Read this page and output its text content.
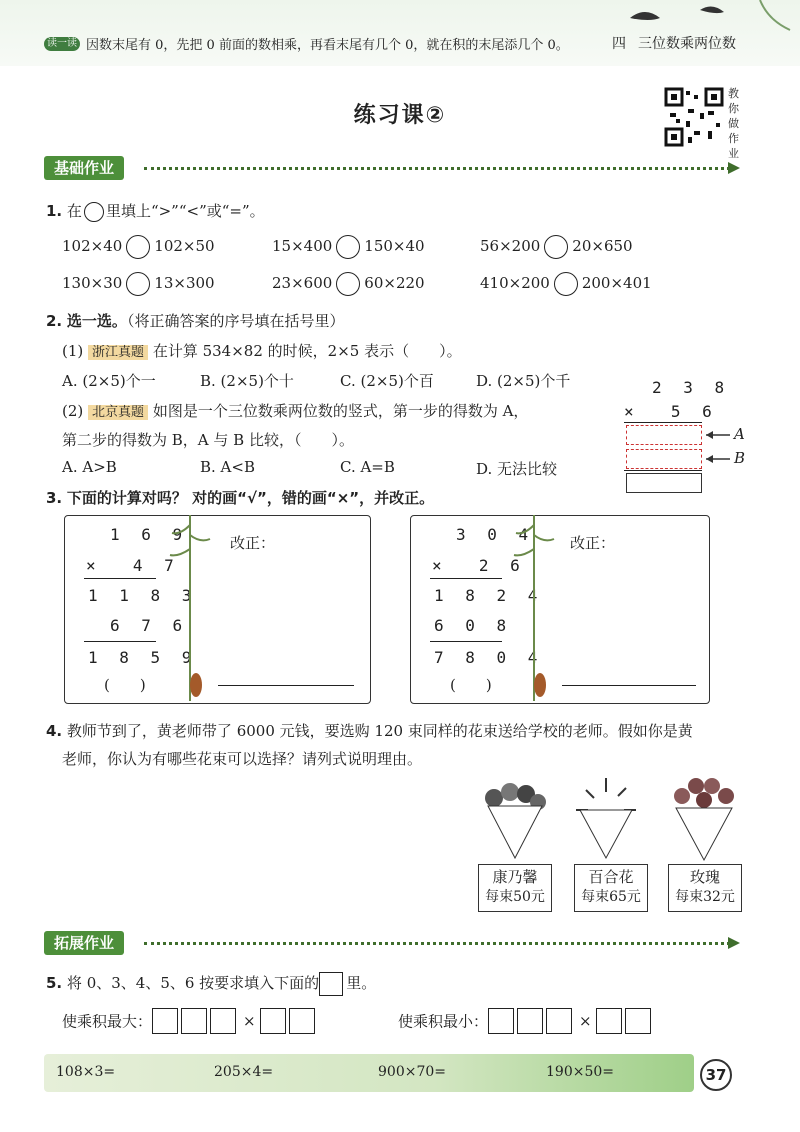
读一读 因数末尾有 0，先把 0 前面的数相乘，再看末尾有几个 0，就在积的末尾添几个 0。	四 三位数乘两位数
练习课②
教你做作业
基础作业
1. 在 里填上“>”“<”或“=”。
102×40 102×50	15×400 150×40	56×200 20×650
130×30 13×300	23×600 60×220	410×200 200×401
2. 选一选。（将正确答案的序号填在括号里）
(1) 浙江真题 在计算 534×82 的时候，2×5 表示（　　）。
A. (2×5)个一	B. (2×5)个十	C. (2×5)个百	D. (2×5)个千
(2) 北京真题 如图是一个三位数乘两位数的竖式，第一步的得数为 A，
第二步的得数为 B，A 与 B 比较，（　　）。
A. A>B	B. A<B	C. A=B	D. 无法比较
2 3 8
×  5 6
A
B
3. 下面的计算对吗？ 对的画“√”，错的画“×”，并改正。
1 6 9
×  4 7
1 1 8 3
6 7 6
1 8 5 9
(　　)
改正：	3 0 4
×  2 6
1 8 2 4
6 0 8
7 8 0 4
(　　)
改正：
4. 教师节到了，黄老师带了 6000 元钱，要选购 120 束同样的花束送给学校的老师。假如你是黄
老师，你认为有哪些花束可以选择？请列式说明理由。
康乃馨
每束50元
百合花
每束65元
玫瑰
每束32元
拓展作业
5. 将 0、3、4、5、6 按要求填入下面的 里。
使乘积最大：	×	使乘积最小：	×
108×3=	205×4=	900×70=	190×50=	37
